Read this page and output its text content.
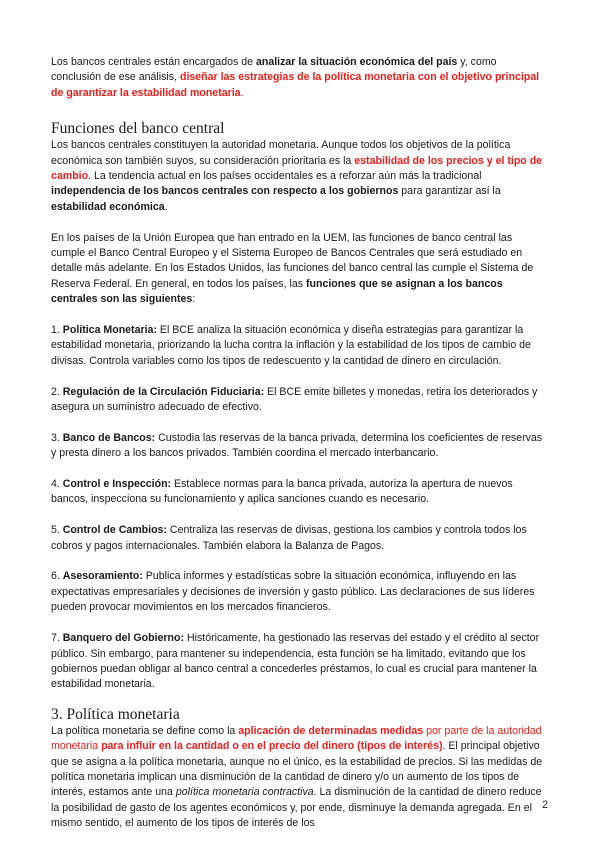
Los bancos centrales están encargados de analizar la situación económica del país y, como conclusión de ese análisis, diseñar las estrategias de la política monetaria con el objetivo principal de garantizar la estabilidad monetaria.

Funciones del banco central

Los bancos centrales constituyen la autoridad monetaria. Aunque todos los objetivos de la política económica son también suyos, su consideración prioritaria es la estabilidad de los precios y el tipo de cambio. La tendencia actual en los países occidentales es a reforzar aún más la tradicional independencia de los bancos centrales con respecto a los gobiernos para garantizar así la estabilidad económica.

En los países de la Unión Europea que han entrado en la UEM, las funciones de banco central las cumple el Banco Central Europeo y el Sistema Europeo de Bancos Centrales que será estudiado en detalle más adelante. En los Estados Unidos, las funciones del banco central las cumple el Sistema de Reserva Federal. En general, en todos los países, las funciones que se asignan a los bancos centrales son las siguientes:

1. Política Monetaria: El BCE analiza la situación económica y diseña estrategias para garantizar la estabilidad monetaria, priorizando la lucha contra la inflación y la estabilidad de los tipos de cambio de divisas. Controla variables como los tipos de redescuento y la cantidad de dinero en circulación.

2. Regulación de la Circulación Fiduciaria: El BCE emite billetes y monedas, retira los deteriorados y asegura un suministro adecuado de efectivo.

3. Banco de Bancos: Custodia las reservas de la banca privada, determina los coeficientes de reservas y presta dinero a los bancos privados. También coordina el mercado interbancario.

4. Control e Inspección: Establece normas para la banca privada, autoriza la apertura de nuevos bancos, inspecciona su funcionamiento y aplica sanciones cuando es necesario.

5. Control de Cambios: Centraliza las reservas de divisas, gestiona los cambios y controla todos los cobros y pagos internacionales. También elabora la Balanza de Pagos.

6. Asesoramiento: Publica informes y estadísticas sobre la situación económica, influyendo en las expectativas empresariales y decisiones de inversión y gasto público. Las declaraciones de sus líderes pueden provocar movimientos en los mercados financieros.

7. Banquero del Gobierno: Históricamente, ha gestionado las reservas del estado y el crédito al sector público. Sin embargo, para mantener su independencia, esta función se ha limitado, evitando que los gobiernos puedan obligar al banco central a concederles préstamos, lo cual es crucial para mantener la estabilidad monetaria.

3. Política monetaria

La política monetaria se define como la aplicación de determinadas medidas por parte de la autoridad monetaria para influir en la cantidad o en el precio del dinero (tipos de interés). El principal objetivo que se asigna a la política monetaria, aunque no el único, es la estabilidad de precios. Si las medidas de política monetaria implican una disminución de la cantidad de dinero y/o un aumento de los tipos de interés, estamos ante una política monetaria contractiva. La disminución de la cantidad de dinero reduce la posibilidad de gasto de los agentes económicos y, por ende, disminuye la demanda agregada. En el mismo sentido, el aumento de los tipos de interés de los

2
